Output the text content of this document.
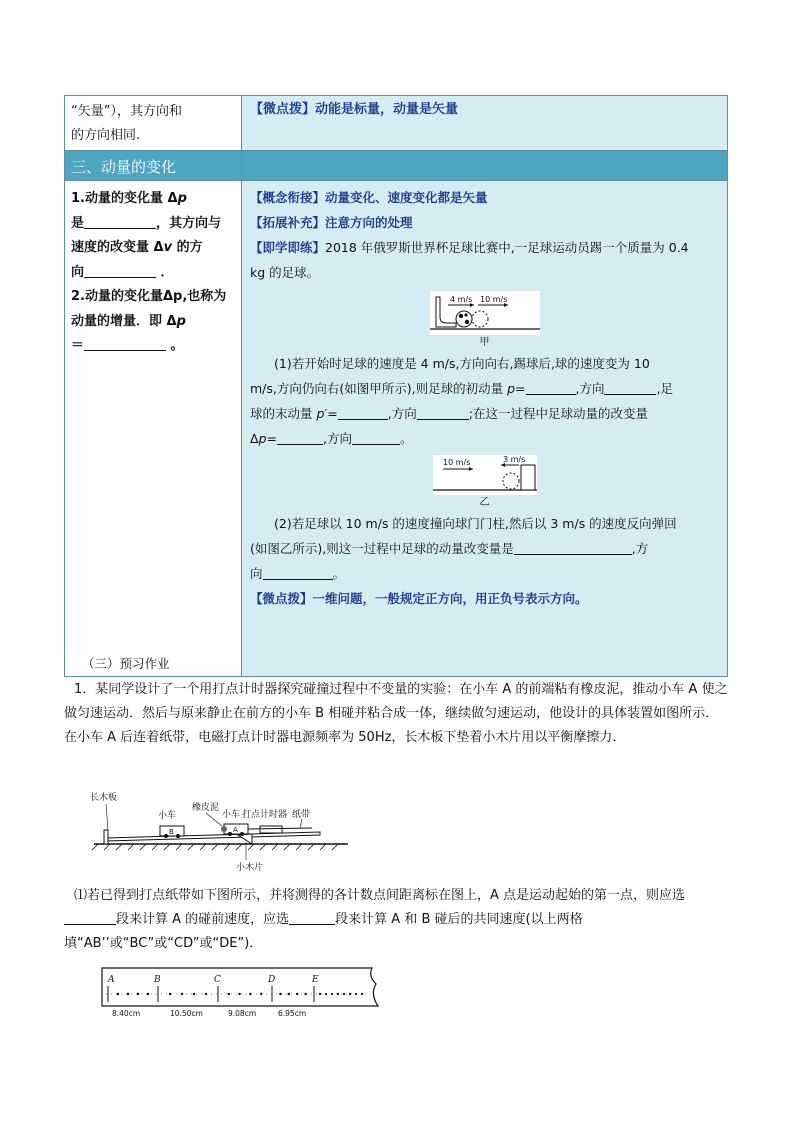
“矢量”），其方向和
的方向相同.
【微点拨】动能是标量，动量是矢量
三、动量的变化
1.动量的变化量 Δp
是	，其方向与
速度的改变量 Δv 的方
向	．
2.动量的变化量Δp,也称为
动量的增量．即 Δp
＝	。
【概念衔接】动量变化、速度变化都是矢量
【拓展补充】注意方向的处理
【即学即练】2018 年俄罗斯世界杯足球比赛中,一足球运动员踢一个质量为 0.4
kg 的足球。
4 m/s 10 m/s
甲
(1)若开始时足球的速度是 4 m/s,方向向右,踢球后,球的速度变为 10
m/s,方向仍向右(如图甲所示),则足球的初动量 p=	,方向	,足
球的末动量 p′=	,方向	;在这一过程中足球动量的改变量
Δp=	,方向	。
10 m/s	3 m/s
乙
(2)若足球以 10 m/s 的速度撞向球门门柱,然后以 3 m/s 的速度反向弹回
(如图乙所示),则这一过程中足球的动量改变量是	,方
向	。
【微点拨】一维问题，一般规定正方向，用正负号表示方向。
（三）预习作业
1．某同学设计了一个用打点计时器探究碰撞过程中不变量的实验：在小车 A 的前端粘有橡皮泥，推动小车 A 使之做匀速运动．然后与原来静止在前方的小车 B 相碰并粘合成一体，继续做匀速运动，他设计的具体装置如图所示．在小车 A 后连着纸带，电磁打点计时器电源频率为 50Hz，长木板下垫着小木片用以平衡摩擦力．
B	A
长木板
小车
橡皮泥
小车 打点计时器 纸带
小木片
⑴若已得到打点纸带如下图所示，并将测得的各计数点间距离标在图上，A 点是运动起始的第一点，则应选段来计算 A 的碰前速度，应选	段来计算 A 和 B 碰后的共同速度(以上两格填“AB’’或“BC”或“CD”或“DE”)．
A	B	C	D	E
8.40cm	10.50cm	9.08cm	6.95cm
